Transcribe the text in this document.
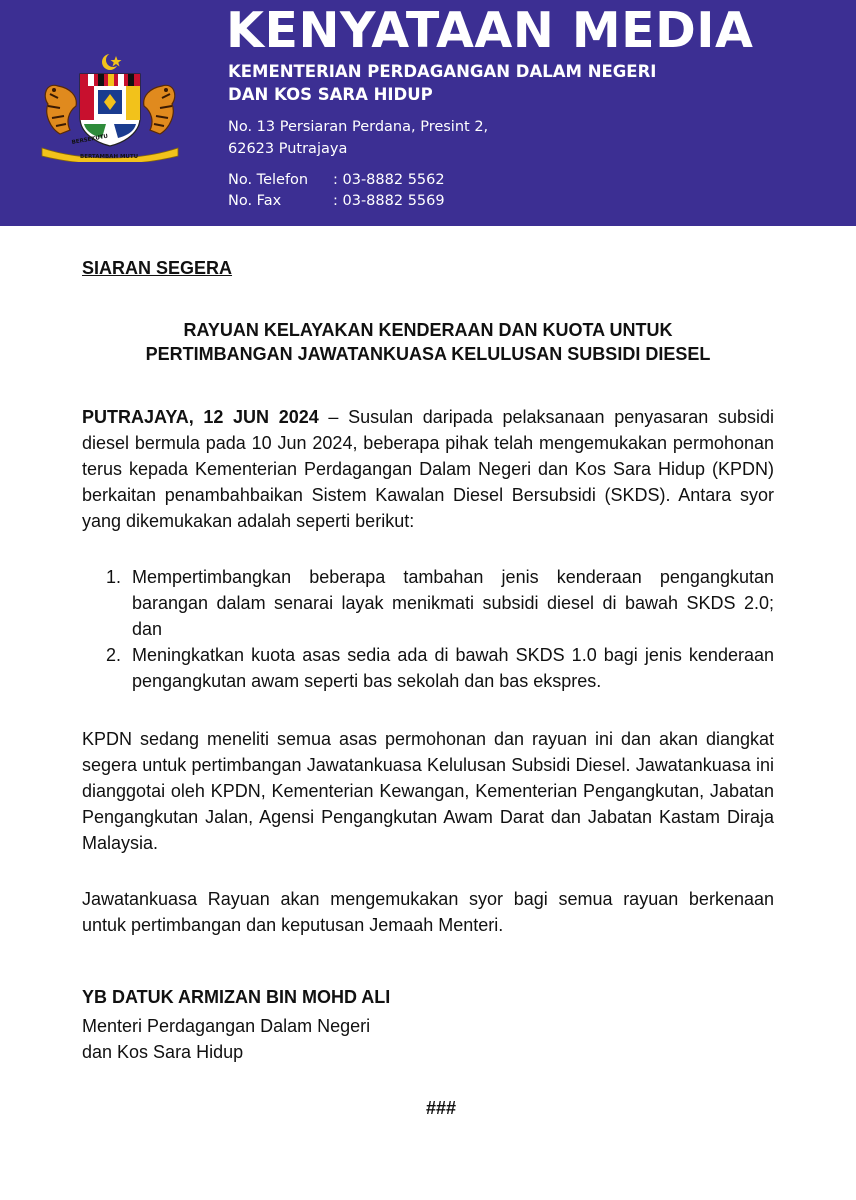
BERSEKUTU
BERTAMBAH MUTU
KENYATAAN MEDIA
KEMENTERIAN PERDAGANGAN DALAM NEGERI
DAN KOS SARA HIDUP
No. 13 Persiaran Perdana, Presint 2,
62623 Putrajaya
No. Telefon : 03-8882 5562
No. Fax	: 03-8882 5569
SIARAN SEGERA
RAYUAN KELAYAKAN KENDERAAN DAN KUOTA UNTUK
PERTIMBANGAN JAWATANKUASA KELULUSAN SUBSIDI DIESEL
PUTRAJAYA, 12 JUN 2024 – Susulan daripada pelaksanaan penyasaran subsidi diesel bermula pada 10 Jun 2024, beberapa pihak telah mengemukakan permohonan terus kepada Kementerian Perdagangan Dalam Negeri dan Kos Sara Hidup (KPDN) berkaitan penambahbaikan Sistem Kawalan Diesel Bersubsidi (SKDS). Antara syor yang dikemukakan adalah seperti berikut:
1. Mempertimbangkan beberapa tambahan jenis kenderaan pengangkutan barangan dalam senarai layak menikmati subsidi diesel di bawah SKDS 2.0; dan
2. Meningkatkan kuota asas sedia ada di bawah SKDS 1.0 bagi jenis kenderaan pengangkutan awam seperti bas sekolah dan bas ekspres.
KPDN sedang meneliti semua asas permohonan dan rayuan ini dan akan diangkat segera untuk pertimbangan Jawatankuasa Kelulusan Subsidi Diesel. Jawatankuasa ini dianggotai oleh KPDN, Kementerian Kewangan, Kementerian Pengangkutan, Jabatan Pengangkutan Jalan, Agensi Pengangkutan Awam Darat dan Jabatan Kastam Diraja Malaysia.
Jawatankuasa Rayuan akan mengemukakan syor bagi semua rayuan berkenaan untuk pertimbangan dan keputusan Jemaah Menteri.
YB DATUK ARMIZAN BIN MOHD ALI
Menteri Perdagangan Dalam Negeri
dan Kos Sara Hidup
###
